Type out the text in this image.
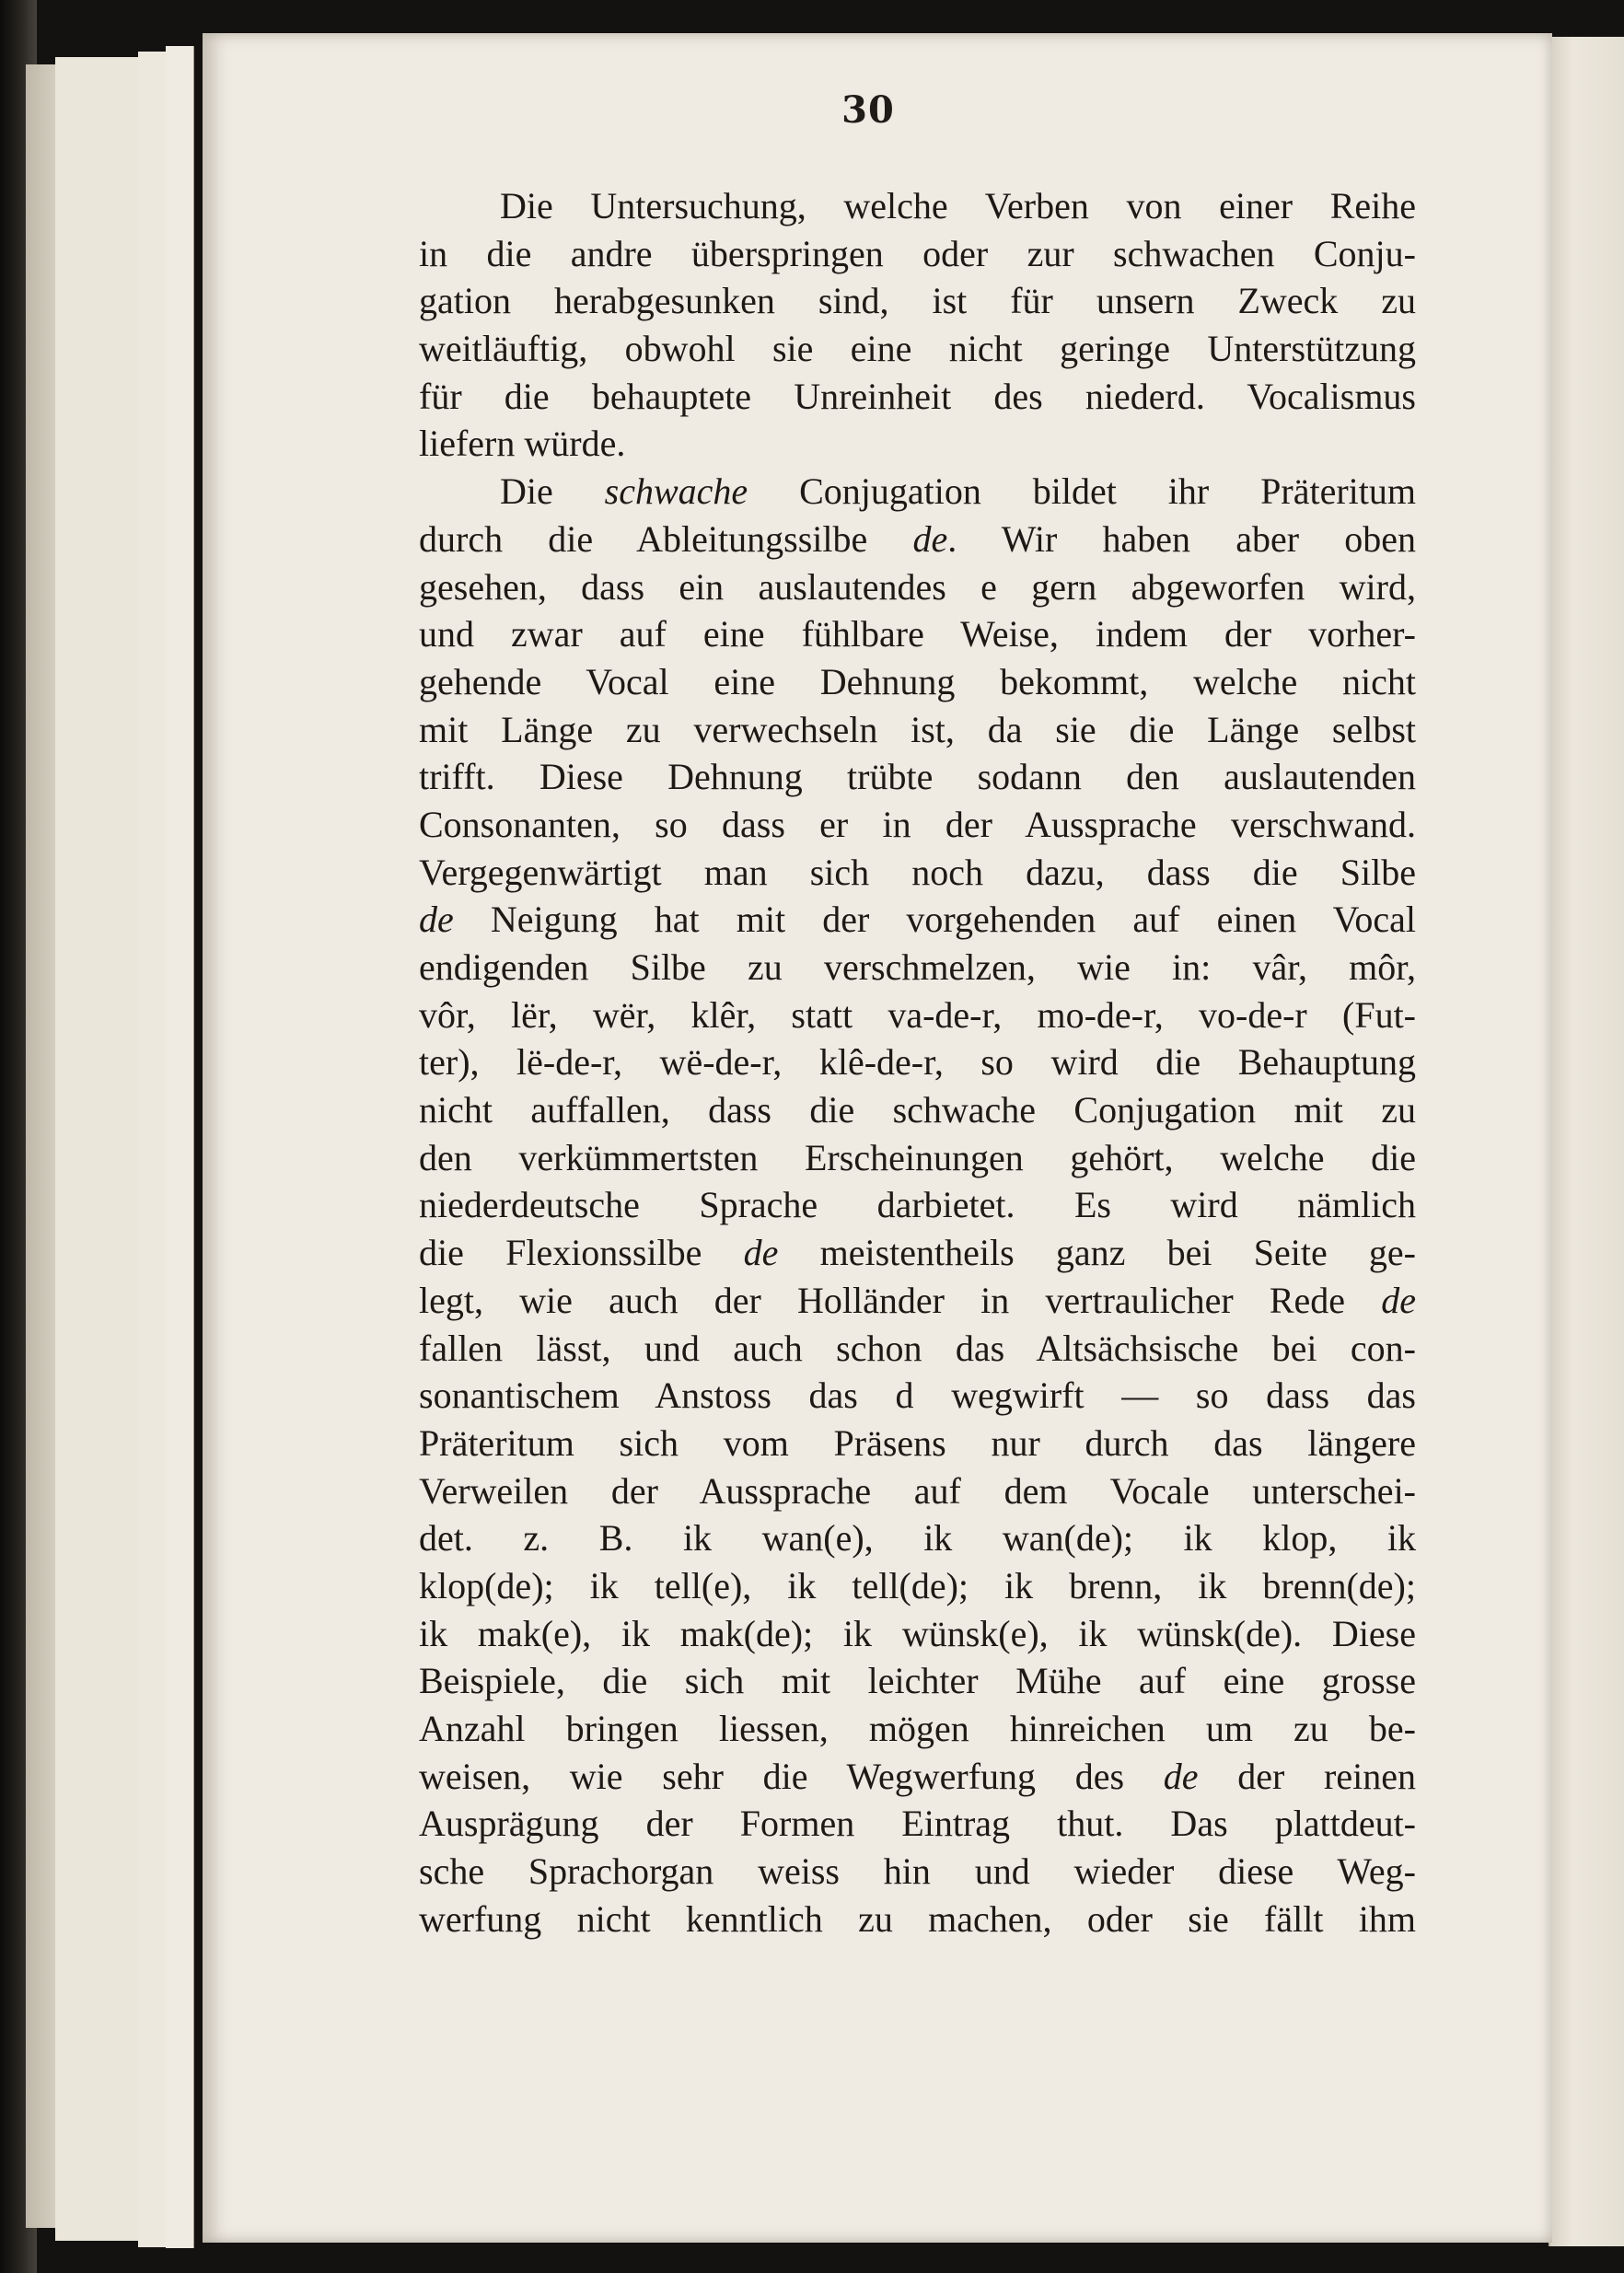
30
Die Untersuchung, welche Verben von einer Reihe
in die andre überspringen oder zur schwachen Conju-
gation herabgesunken sind, ist für unsern Zweck zu
weitläuftig, obwohl sie eine nicht geringe Unterstützung
für die behauptete Unreinheit des niederd. Vocalismus
liefern würde.
Die schwache Conjugation bildet ihr Präteritum
durch die Ableitungssilbe de. Wir haben aber oben
gesehen, dass ein auslautendes e gern abgeworfen wird,
und zwar auf eine fühlbare Weise, indem der vorher-
gehende Vocal eine Dehnung bekommt, welche nicht
mit Länge zu verwechseln ist, da sie die Länge selbst
trifft. Diese Dehnung trübte sodann den auslautenden
Consonanten, so dass er in der Aussprache verschwand.
Vergegenwärtigt man sich noch dazu, dass die Silbe
de Neigung hat mit der vorgehenden auf einen Vocal
endigenden Silbe zu verschmelzen, wie in: vâr, môr,
vôr, lër, wër, klêr, statt va-de-r, mo-de-r, vo-de-r (Fut-
ter), lë-de-r, wë-de-r, klê-de-r, so wird die Behauptung
nicht auffallen, dass die schwache Conjugation mit zu
den verkümmertsten Erscheinungen gehört, welche die
niederdeutsche Sprache darbietet. Es wird nämlich
die Flexionssilbe de meistentheils ganz bei Seite ge-
legt, wie auch der Holländer in vertraulicher Rede de
fallen lässt, und auch schon das Altsächsische bei con-
sonantischem Anstoss das d wegwirft — so dass das
Präteritum sich vom Präsens nur durch das längere
Verweilen der Aussprache auf dem Vocale unterschei-
det. z. B. ik wan(e), ik wan(de); ik klop, ik
klop(de); ik tell(e), ik tell(de); ik brenn, ik brenn(de);
ik mak(e), ik mak(de); ik wünsk(e), ik wünsk(de). Diese
Beispiele, die sich mit leichter Mühe auf eine grosse
Anzahl bringen liessen, mögen hinreichen um zu be-
weisen, wie sehr die Wegwerfung des de der reinen
Ausprägung der Formen Eintrag thut. Das plattdeut-
sche Sprachorgan weiss hin und wieder diese Weg-
werfung nicht kenntlich zu machen, oder sie fällt ihm
